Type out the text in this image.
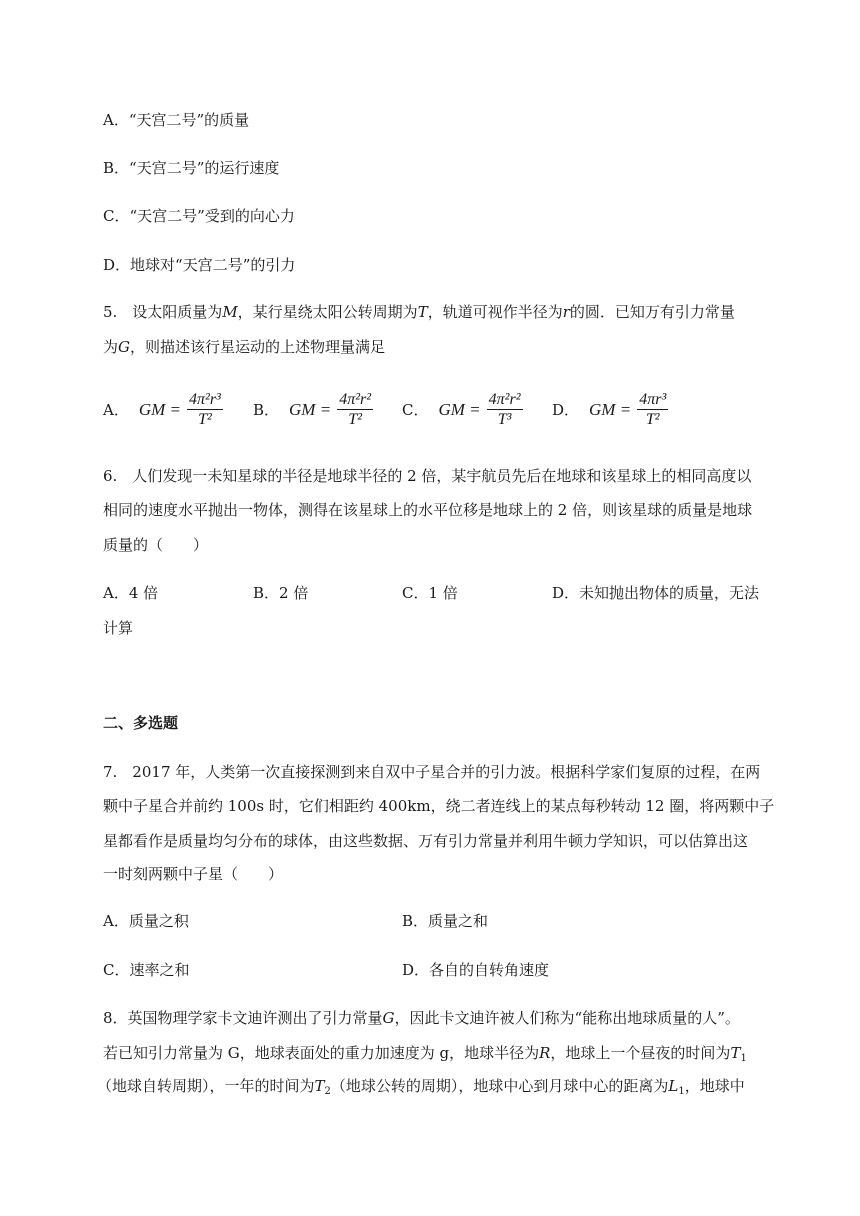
A．“天宫二号”的质量
B．“天宫二号”的运行速度
C．“天宫二号”受到的向心力
D．地球对“天宫二号”的引力
5.　设太阳质量为M，某行星绕太阳公转周期为T，轨道可视作半径为r的圆．已知万有引力常量
为G，则描述该行星运动的上述物理量满足
A． GM = $\frac{\text{4π²r³}}{\text{T²}}$ B． GM = $\frac{\text{4π²r²}}{\text{T²}}$ C． GM = $\frac{\text{4π²r²}}{\text{T³}}$ D． GM = $\frac{\text{4πr³}}{\text{T²}}$
6.　人们发现一未知星球的半径是地球半径的 2 倍，某宇航员先后在地球和该星球上的相同高度以
相同的速度水平抛出一物体，测得在该星球上的水平位移是地球上的 2 倍，则该星球的质量是地球
质量的（　　）
A．4 倍	B．2 倍	C．1 倍	D．未知抛出物体的质量，无法
计算
二、多选题
7.　2017 年，人类第一次直接探测到来自双中子星合并的引力波。根据科学家们复原的过程，在两
颗中子星合并前约 100s 时，它们相距约 400km，绕二者连线上的某点每秒转动 12 圈，将两颗中子
星都看作是质量均匀分布的球体，由这些数据、万有引力常量并利用牛顿力学知识，可以估算出这
一时刻两颗中子星（　　）
A．质量之积	B．质量之和
C．速率之和	D．各自的自转角速度
8．英国物理学家卡文迪许测出了引力常量G，因此卡文迪许被人们称为“能称出地球质量的人”。
若已知引力常量为 G，地球表面处的重力加速度为 g，地球半径为R，地球上一个昼夜的时间为$T_1$
（地球自转周期），一年的时间为$T_2$（地球公转的周期），地球中心到月球中心的距离为$L_1$，地球中
